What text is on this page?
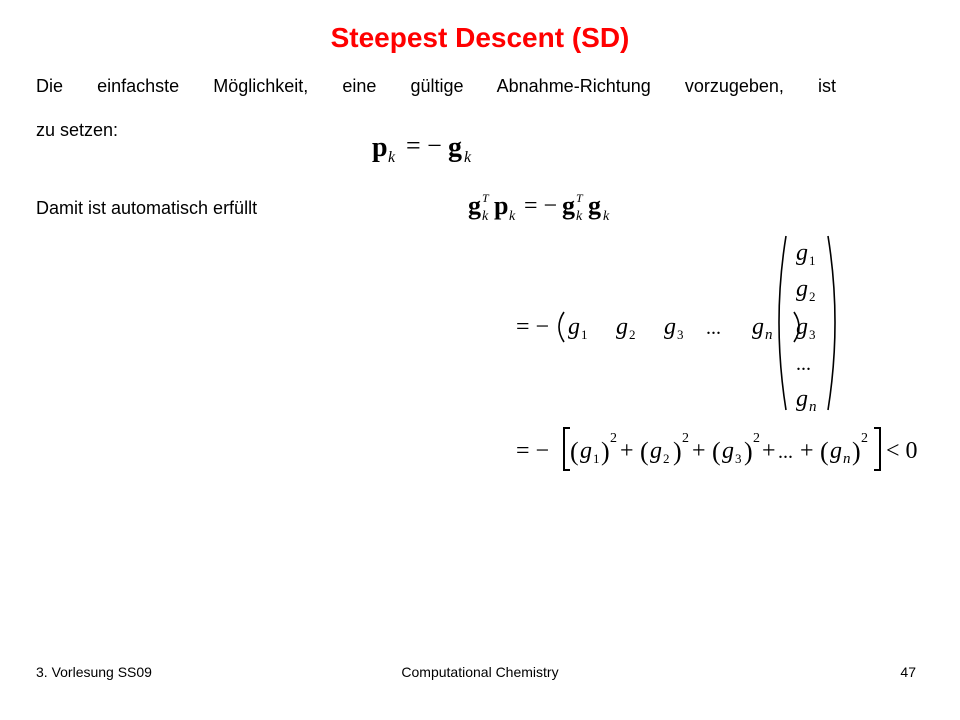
Steepest Descent (SD)
Die einfachste Möglichkeit, eine gültige Abnahme-Richtung vorzugeben, ist
zu setzen:
Damit ist automatisch erfüllt
p k = − g k
g T
k p k = − g T
k g k
= − g 1 g 2 g 3 ... g n
g 1
g 2
g 3
...
g n
= − ( g 1 ) 2 + ( g 2 ) 2 + ( g 3 ) 2 + ... + ( g n ) 2 < 0
3. Vorlesung SS09	Computational Chemistry	47
